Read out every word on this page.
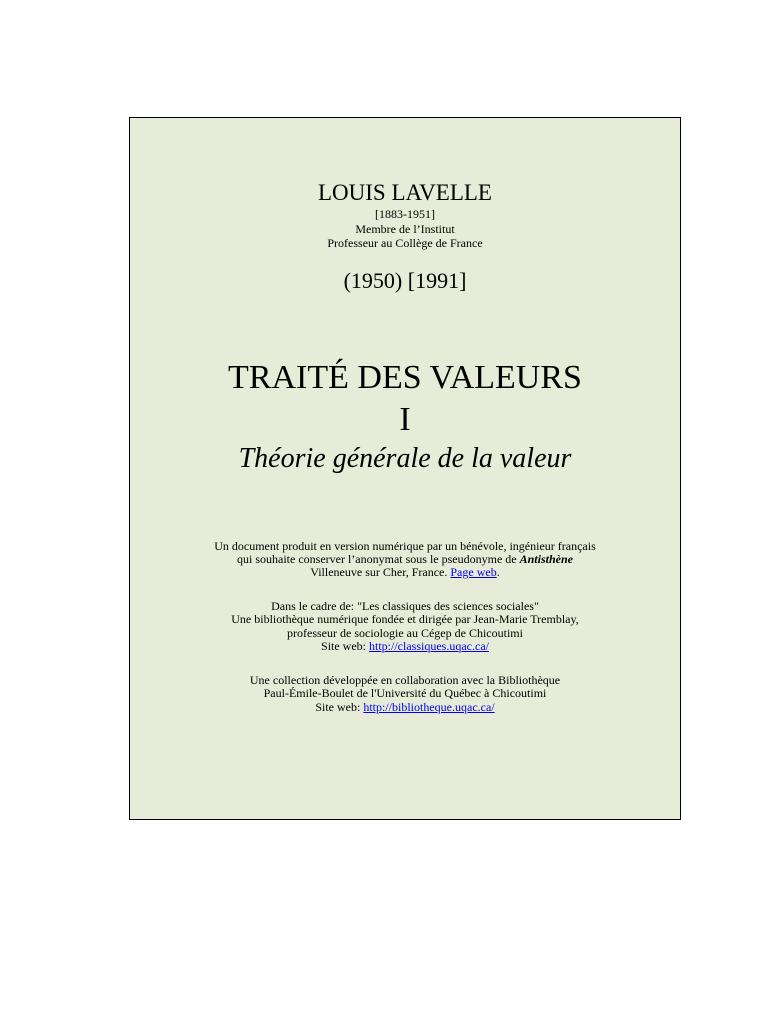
LOUIS LAVELLE
[1883-1951]
Membre de l’Institut
Professeur au Collège de France
(1950) [1991]
TRAITÉ DES VALEURS
I
Théorie générale de la valeur
Un document produit en version numérique par un bénévole, ingénieur français
qui souhaite conserver l’anonymat sous le pseudonyme de Antisthène
Villeneuve sur Cher, France. Page web.
Dans le cadre de: "Les classiques des sciences sociales"
Une bibliothèque numérique fondée et dirigée par Jean-Marie Tremblay,
professeur de sociologie au Cégep de Chicoutimi
Site web: http://classiques.uqac.ca/
Une collection développée en collaboration avec la Bibliothèque
Paul-Émile-Boulet de l'Université du Québec à Chicoutimi
Site web: http://bibliotheque.uqac.ca/
